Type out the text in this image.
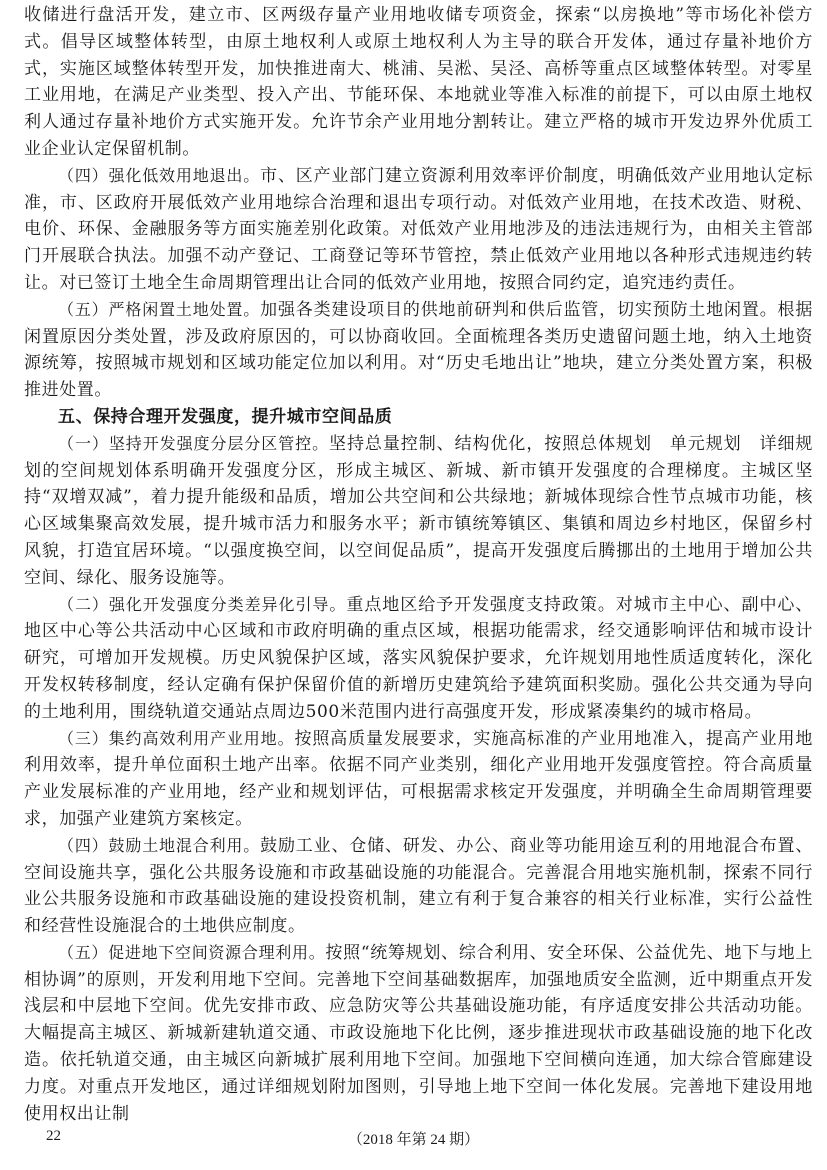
收储进行盘活开发，建立市、区两级存量产业用地收储专项资金，探索“以房换地”等市场化补偿方式。倡导区域整体转型，由原土地权利人或原土地权利人为主导的联合开发体，通过存量补地价方式，实施区域整体转型开发，加快推进南大、桃浦、吴淞、吴泾、高桥等重点区域整体转型。对零星工业用地，在满足产业类型、投入产出、节能环保、本地就业等准入标准的前提下，可以由原土地权利人通过存量补地价方式实施开发。允许节余产业用地分割转让。建立严格的城市开发边界外优质工业企业认定保留机制。

（四）强化低效用地退出。市、区产业部门建立资源利用效率评价制度，明确低效产业用地认定标准，市、区政府开展低效产业用地综合治理和退出专项行动。对低效产业用地，在技术改造、财税、电价、环保、金融服务等方面实施差别化政策。对低效产业用地涉及的违法违规行为，由相关主管部门开展联合执法。加强不动产登记、工商登记等环节管控，禁止低效产业用地以各种形式违规违约转让。对已签订土地全生命周期管理出让合同的低效产业用地，按照合同约定，追究违约责任。

（五）严格闲置土地处置。加强各类建设项目的供地前研判和供后监管，切实预防土地闲置。根据闲置原因分类处置，涉及政府原因的，可以协商收回。全面梳理各类历史遗留问题土地，纳入土地资源统筹，按照城市规划和区域功能定位加以利用。对“历史毛地出让”地块，建立分类处置方案，积极推进处置。

五、保持合理开发强度，提升城市空间品质

（一）坚持开发强度分层分区管控。坚持总量控制、结构优化，按照总体规划　单元规划　详细规划的空间规划体系明确开发强度分区，形成主城区、新城、新市镇开发强度的合理梯度。主城区坚持“双增双减”，着力提升能级和品质，增加公共空间和公共绿地；新城体现综合性节点城市功能，核心区域集聚高效发展，提升城市活力和服务水平；新市镇统筹镇区、集镇和周边乡村地区，保留乡村风貌，打造宜居环境。“以强度换空间，以空间促品质”，提高开发强度后腾挪出的土地用于增加公共空间、绿化、服务设施等。

（二）强化开发强度分类差异化引导。重点地区给予开发强度支持政策。对城市主中心、副中心、地区中心等公共活动中心区域和市政府明确的重点区域，根据功能需求，经交通影响评估和城市设计研究，可增加开发规模。历史风貌保护区域，落实风貌保护要求，允许规划用地性质适度转化，深化开发权转移制度，经认定确有保护保留价值的新增历史建筑给予建筑面积奖励。强化公共交通为导向的土地利用，围绕轨道交通站点周边500米范围内进行高强度开发，形成紧凑集约的城市格局。

（三）集约高效利用产业用地。按照高质量发展要求，实施高标准的产业用地准入，提高产业用地利用效率，提升单位面积土地产出率。依据不同产业类别，细化产业用地开发强度管控。符合高质量产业发展标准的产业用地，经产业和规划评估，可根据需求核定开发强度，并明确全生命周期管理要求，加强产业建筑方案核定。

（四）鼓励土地混合利用。鼓励工业、仓储、研发、办公、商业等功能用途互利的用地混合布置、空间设施共享，强化公共服务设施和市政基础设施的功能混合。完善混合用地实施机制，探索不同行业公共服务设施和市政基础设施的建设投资机制，建立有利于复合兼容的相关行业标准，实行公益性和经营性设施混合的土地供应制度。

（五）促进地下空间资源合理利用。按照“统筹规划、综合利用、安全环保、公益优先、地下与地上相协调”的原则，开发利用地下空间。完善地下空间基础数据库，加强地质安全监测，近中期重点开发浅层和中层地下空间。优先安排市政、应急防灾等公共基础设施功能，有序适度安排公共活动功能。大幅提高主城区、新城新建轨道交通、市政设施地下化比例，逐步推进现状市政基础设施的地下化改造。依托轨道交通，由主城区向新城扩展利用地下空间。加强地下空间横向连通，加大综合管廊建设力度。对重点开发地区，通过详细规划附加图则，引导地上地下空间一体化发展。完善地下建设用地使用权出让制

22	（2018 年第 24 期）
